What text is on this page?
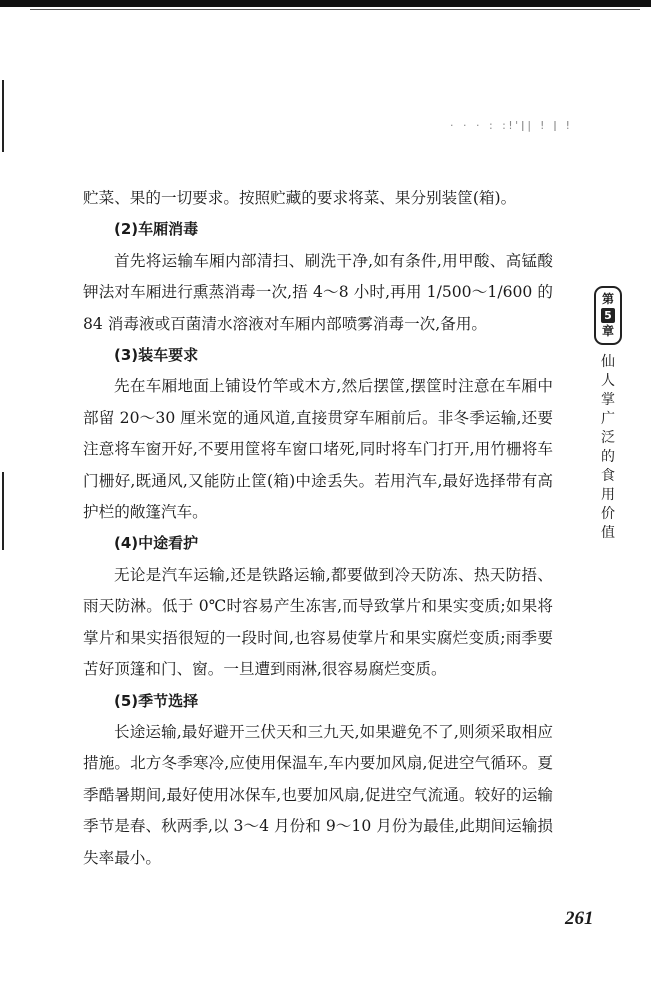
· · · : :ǃ'ǀ| ǃ ǀ ǃ

贮菜、果的一切要求。按照贮藏的要求将菜、果分别装筐(箱)。

(2)车厢消毒

首先将运输车厢内部清扫、刷洗干净,如有条件,用甲酸、高锰酸钾法对车厢进行熏蒸消毒一次,捂 4～8 小时,再用 1/500～1/600 的 84 消毒液或百菌清水溶液对车厢内部喷雾消毒一次,备用。

(3)装车要求

先在车厢地面上铺设竹竿或木方,然后摆筐,摆筐时注意在车厢中部留 20～30 厘米宽的通风道,直接贯穿车厢前后。非冬季运输,还要注意将车窗开好,不要用筐将车窗口堵死,同时将车门打开,用竹栅将车门栅好,既通风,又能防止筐(箱)中途丢失。若用汽车,最好选择带有高护栏的敞篷汽车。

(4)中途看护

无论是汽车运输,还是铁路运输,都要做到冷天防冻、热天防捂、雨天防淋。低于 0℃时容易产生冻害,而导致掌片和果实变质;如果将掌片和果实捂很短的一段时间,也容易使掌片和果实腐烂变质;雨季要苫好顶篷和门、窗。一旦遭到雨淋,很容易腐烂变质。

(5)季节选择

长途运输,最好避开三伏天和三九天,如果避免不了,则须采取相应措施。北方冬季寒冷,应使用保温车,车内要加风扇,促进空气循环。夏季酷暑期间,最好使用冰保车,也要加风扇,促进空气流通。较好的运输季节是春、秋两季,以 3～4 月份和 9～10 月份为最佳,此期间运输损失率最小。

第
5
章
仙人掌广泛的食用价值
261
